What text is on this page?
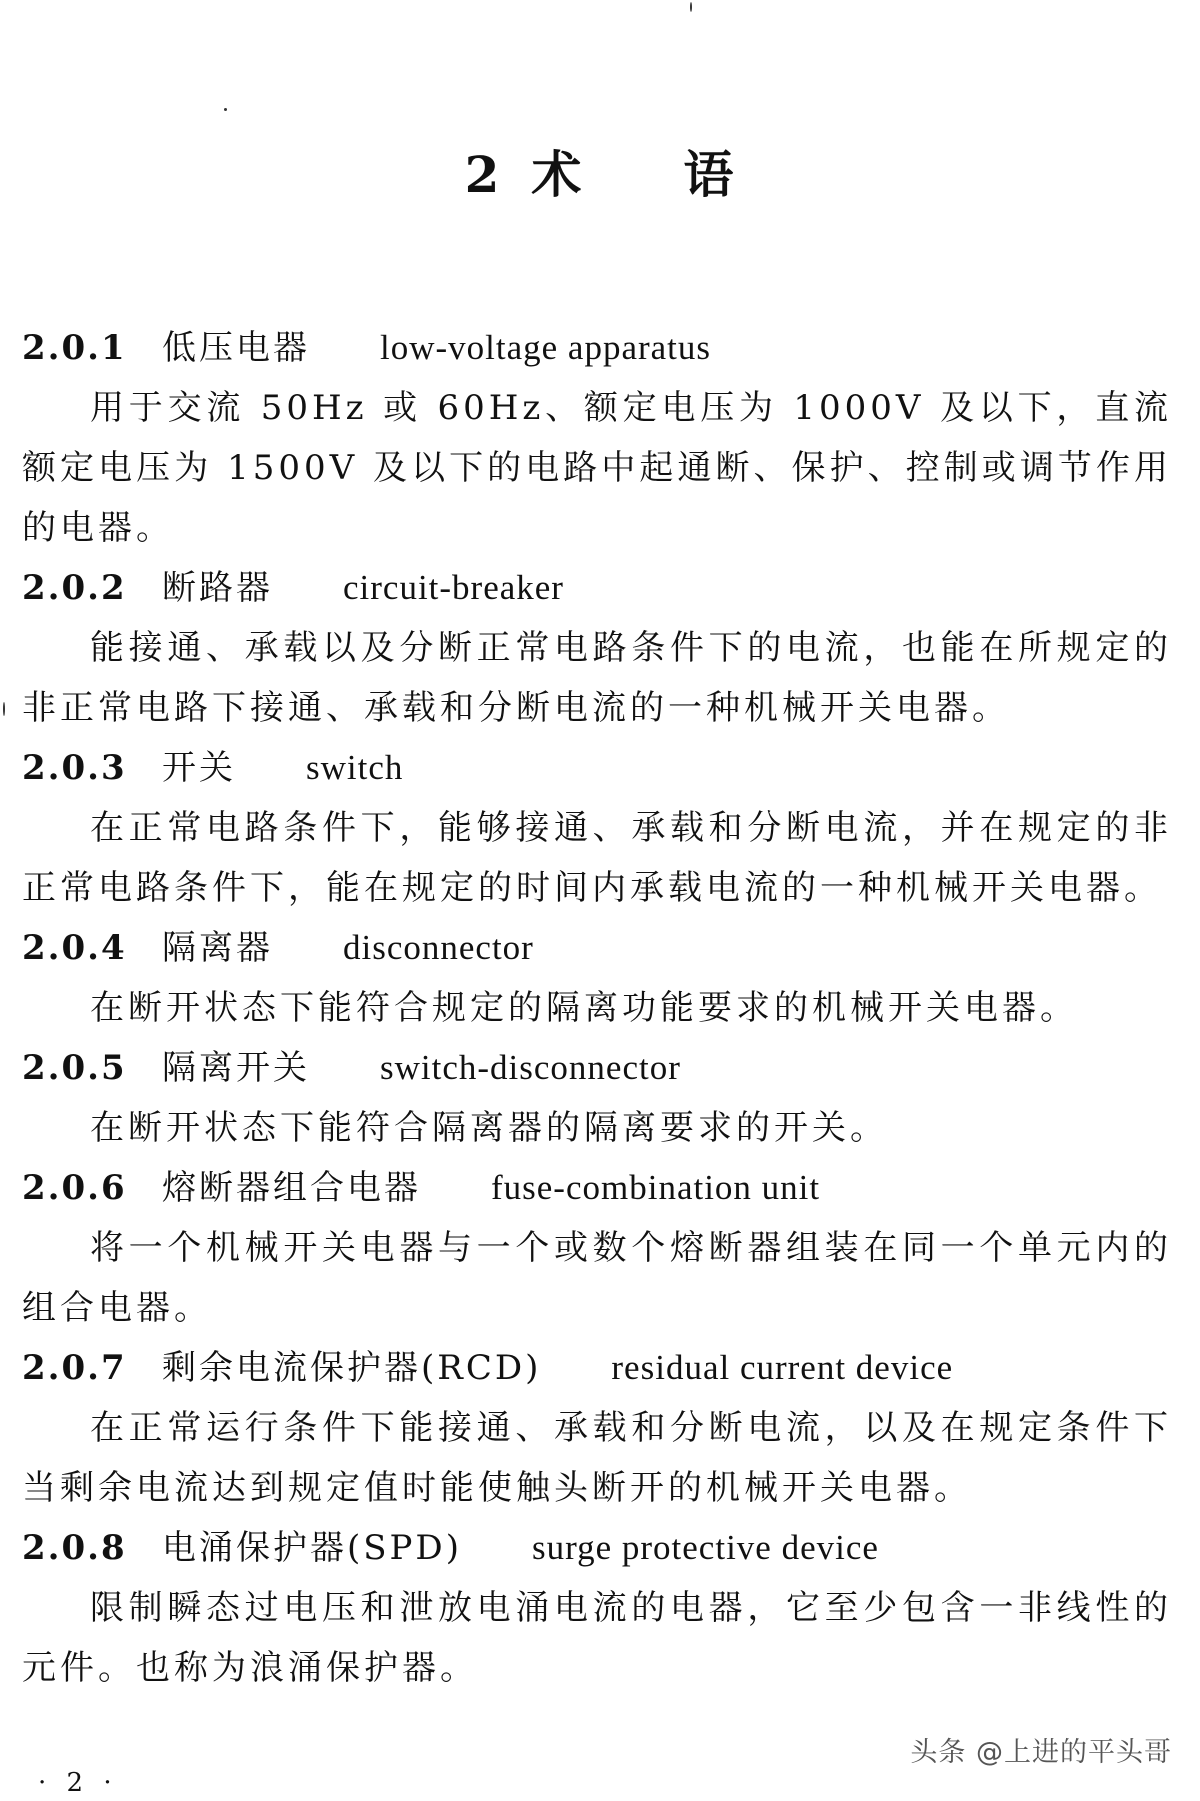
2 术 语
2.0.1 低压电器 low-voltage apparatus

用于交流 50Hz 或 60Hz、额定电压为 1000V 及以下，直流额定电压为 1500V 及以下的电路中起通断、保护、控制或调节作用的电器。

2.0.2 断路器 circuit-breaker

能接通、承载以及分断正常电路条件下的电流，也能在所规定的非正常电路下接通、承载和分断电流的一种机械开关电器。

2.0.3 开关 switch

在正常电路条件下，能够接通、承载和分断电流，并在规定的非正常电路条件下，能在规定的时间内承载电流的一种机械开关电器。

2.0.4 隔离器 disconnector

在断开状态下能符合规定的隔离功能要求的机械开关电器。

2.0.5 隔离开关 switch-disconnector

在断开状态下能符合隔离器的隔离要求的开关。

2.0.6 熔断器组合电器 fuse-combination unit

将一个机械开关电器与一个或数个熔断器组装在同一个单元内的组合电器。

2.0.7 剩余电流保护器(RCD) residual current device

在正常运行条件下能接通、承载和分断电流，以及在规定条件下当剩余电流达到规定值时能使触头断开的机械开关电器。

2.0.8 电涌保护器(SPD) surge protective device

限制瞬态过电压和泄放电涌电流的电器，它至少包含一非线性的元件。也称为浪涌保护器。

头条 @上进的平头哥
· 2 ·
